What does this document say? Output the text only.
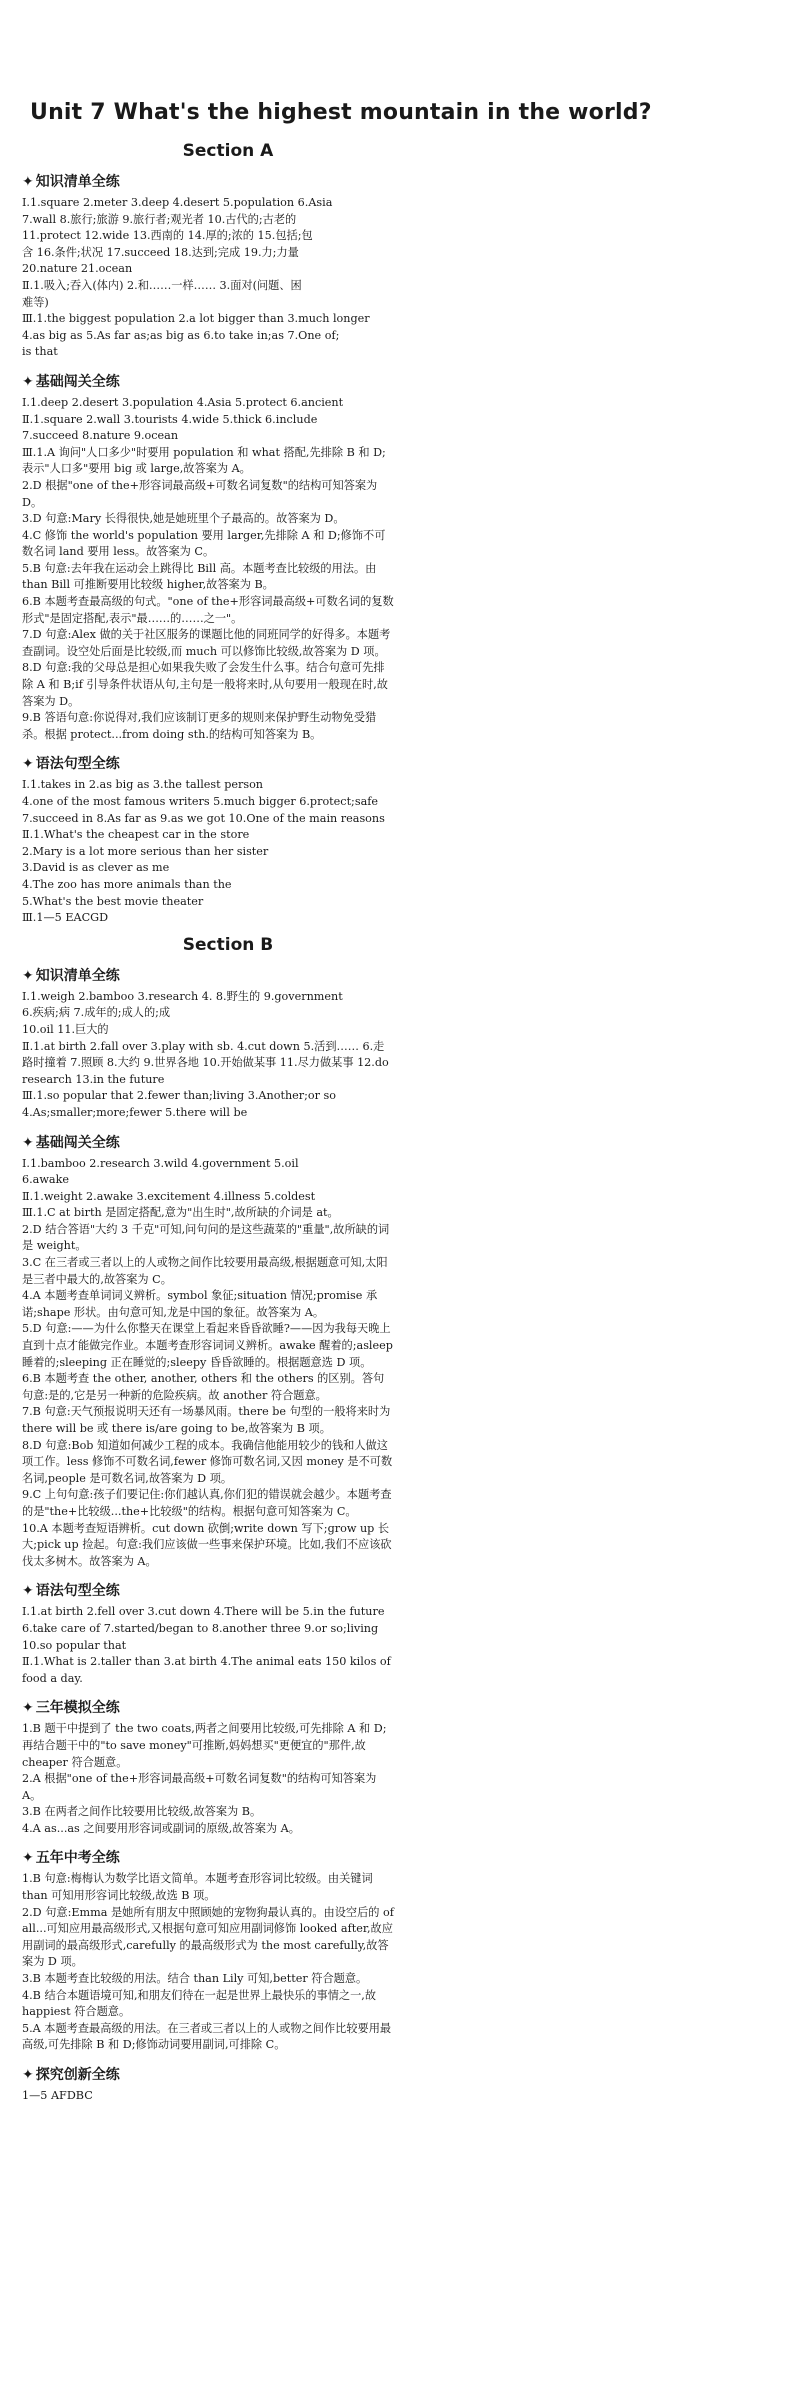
Unit 7 What's the highest mountain in the world?
Section A
✦ 知识清单全练
Ⅰ.1.square 2.meter 3.deep 4.desert 5.population 6.Asia
7.wall 8.旅行;旅游 9.旅行者;观光者 10.古代的;古老的
11.protect 12.wide 13.西南的 14.厚的;浓的 15.包括;包
含 16.条件;状况 17.succeed 18.达到;完成 19.力;力量
20.nature 21.ocean
Ⅱ.1.吸入;吞入(体内) 2.和……一样…… 3.面对(问题、困
难等)
Ⅲ.1.the biggest population 2.a lot bigger than 3.much longer
4.as big as 5.As far as;as big as 6.to take in;as 7.One of;
is that
✦ 基础闯关全练
Ⅰ.1.deep 2.desert 3.population 4.Asia 5.protect 6.ancient
Ⅱ.1.square 2.wall 3.tourists 4.wide 5.thick 6.include
7.succeed 8.nature 9.ocean
Ⅲ.1.A 询问"人口多少"时要用 population 和 what 搭配,先排除 B 和 D;表示"人口多"要用 big 或 large,故答案为 A。
2.D 根据"one of the+形容词最高级+可数名词复数"的结构可知答案为 D。
3.D 句意:Mary 长得很快,她是她班里个子最高的。故答案为 D。
4.C 修饰 the world's population 要用 larger,先排除 A 和 D;修饰不可数名词 land 要用 less。故答案为 C。
5.B 句意:去年我在运动会上跳得比 Bill 高。本题考查比较级的用法。由 than Bill 可推断要用比较级 higher,故答案为 B。
6.B 本题考查最高级的句式。"one of the+形容词最高级+可数名词的复数形式"是固定搭配,表示"最……的……之一"。
7.D 句意:Alex 做的关于社区服务的课题比他的同班同学的好得多。本题考查副词。设空处后面是比较级,而 much 可以修饰比较级,故答案为 D 项。
8.D 句意:我的父母总是担心如果我失败了会发生什么事。结合句意可先排除 A 和 B;if 引导条件状语从句,主句是一般将来时,从句要用一般现在时,故答案为 D。
9.B 答语句意:你说得对,我们应该制订更多的规则来保护野生动物免受猎杀。根据 protect...from doing sth.的结构可知答案为 B。
✦ 语法句型全练
Ⅰ.1.takes in 2.as big as 3.the tallest person
4.one of the most famous writers 5.much bigger 6.protect;safe
7.succeed in 8.As far as 9.as we got 10.One of the main reasons
Ⅱ.1.What's the cheapest car in the store
2.Mary is a lot more serious than her sister
3.David is as clever as me
4.The zoo has more animals than the
5.What's the best movie theater
Ⅲ.1—5 EACGD
Section B
✦ 知识清单全练
Ⅰ.1.weigh 2.bamboo 3.research 4. 8.野生的 9.government
6.疾病;病 7.成年的;成人的;成
10.oil 11.巨大的
Ⅱ.1.at birth 2.fall over 3.play with sb. 4.cut down 5.活到…… 6.走路时撞着 7.照顾 8.大约 9.世界各地 10.开始做某事 11.尽力做某事 12.do research 13.in the future
Ⅲ.1.so popular that 2.fewer than;living 3.Another;or so
4.As;smaller;more;fewer 5.there will be
✦ 基础闯关全练
Ⅰ.1.bamboo 2.research 3.wild 4.government 5.oil
6.awake
Ⅱ.1.weight 2.awake 3.excitement 4.illness 5.coldest
Ⅲ.1.C at birth 是固定搭配,意为"出生时",故所缺的介词是 at。
2.D 结合答语"大约 3 千克"可知,问句问的是这些蔬菜的"重量",故所缺的词是 weight。
3.C 在三者或三者以上的人或物之间作比较要用最高级,根据题意可知,太阳是三者中最大的,故答案为 C。
4.A 本题考查单词词义辨析。symbol 象征;situation 情况;promise 承诺;shape 形状。由句意可知,龙是中国的象征。故答案为 A。
5.D 句意:——为什么你整天在课堂上看起来昏昏欲睡?——因为我每天晚上直到十点才能做完作业。本题考查形容词词义辨析。awake 醒着的;asleep 睡着的;sleeping 正在睡觉的;sleepy 昏昏欲睡的。根据题意选 D 项。
6.B 本题考查 the other, another, others 和 the others 的区别。答句句意:是的,它是另一种新的危险疾病。故 another 符合题意。
7.B 句意:天气预报说明天还有一场暴风雨。there be 句型的一般将来时为 there will be 或 there is/are going to be,故答案为 B 项。
8.D 句意:Bob 知道如何减少工程的成本。我确信他能用较少的钱和人做这项工作。less 修饰不可数名词,fewer 修饰可数名词,又因 money 是不可数名词,people 是可数名词,故答案为 D 项。
9.C 上句句意:孩子们要记住:你们越认真,你们犯的错误就会越少。本题考查的是"the+比较级...the+比较级"的结构。根据句意可知答案为 C。
10.A 本题考查短语辨析。cut down 砍倒;write down 写下;grow up 长大;pick up 捡起。句意:我们应该做一些事来保护环境。比如,我们不应该砍伐太多树木。故答案为 A。
✦ 语法句型全练
Ⅰ.1.at birth 2.fell over 3.cut down 4.There will be 5.in the future 6.take care of 7.started/began to 8.another three 9.or so;living 10.so popular that
Ⅱ.1.What is 2.taller than 3.at birth 4.The animal eats 150 kilos of food a day.
✦ 三年模拟全练
1.B 题干中提到了 the two coats,两者之间要用比较级,可先排除 A 和 D;再结合题干中的"to save money"可推断,妈妈想买"更便宜的"那件,故 cheaper 符合题意。
2.A 根据"one of the+形容词最高级+可数名词复数"的结构可知答案为 A。
3.B 在两者之间作比较要用比较级,故答案为 B。
4.A as...as 之间要用形容词或副词的原级,故答案为 A。
✦ 五年中考全练
1.B 句意:梅梅认为数学比语文简单。本题考查形容词比较级。由关键词 than 可知用形容词比较级,故选 B 项。
2.D 句意:Emma 是她所有朋友中照顾她的宠物狗最认真的。由设空后的 of all...可知应用最高级形式,又根据句意可知应用副词修饰 looked after,故应用副词的最高级形式,carefully 的最高级形式为 the most carefully,故答案为 D 项。
3.B 本题考查比较级的用法。结合 than Lily 可知,better 符合题意。
4.B 结合本题语境可知,和朋友们待在一起是世界上最快乐的事情之一,故 happiest 符合题意。
5.A 本题考查最高级的用法。在三者或三者以上的人或物之间作比较要用最高级,可先排除 B 和 D;修饰动词要用副词,可排除 C。
✦ 探究创新全练
1—5 AFDBC
